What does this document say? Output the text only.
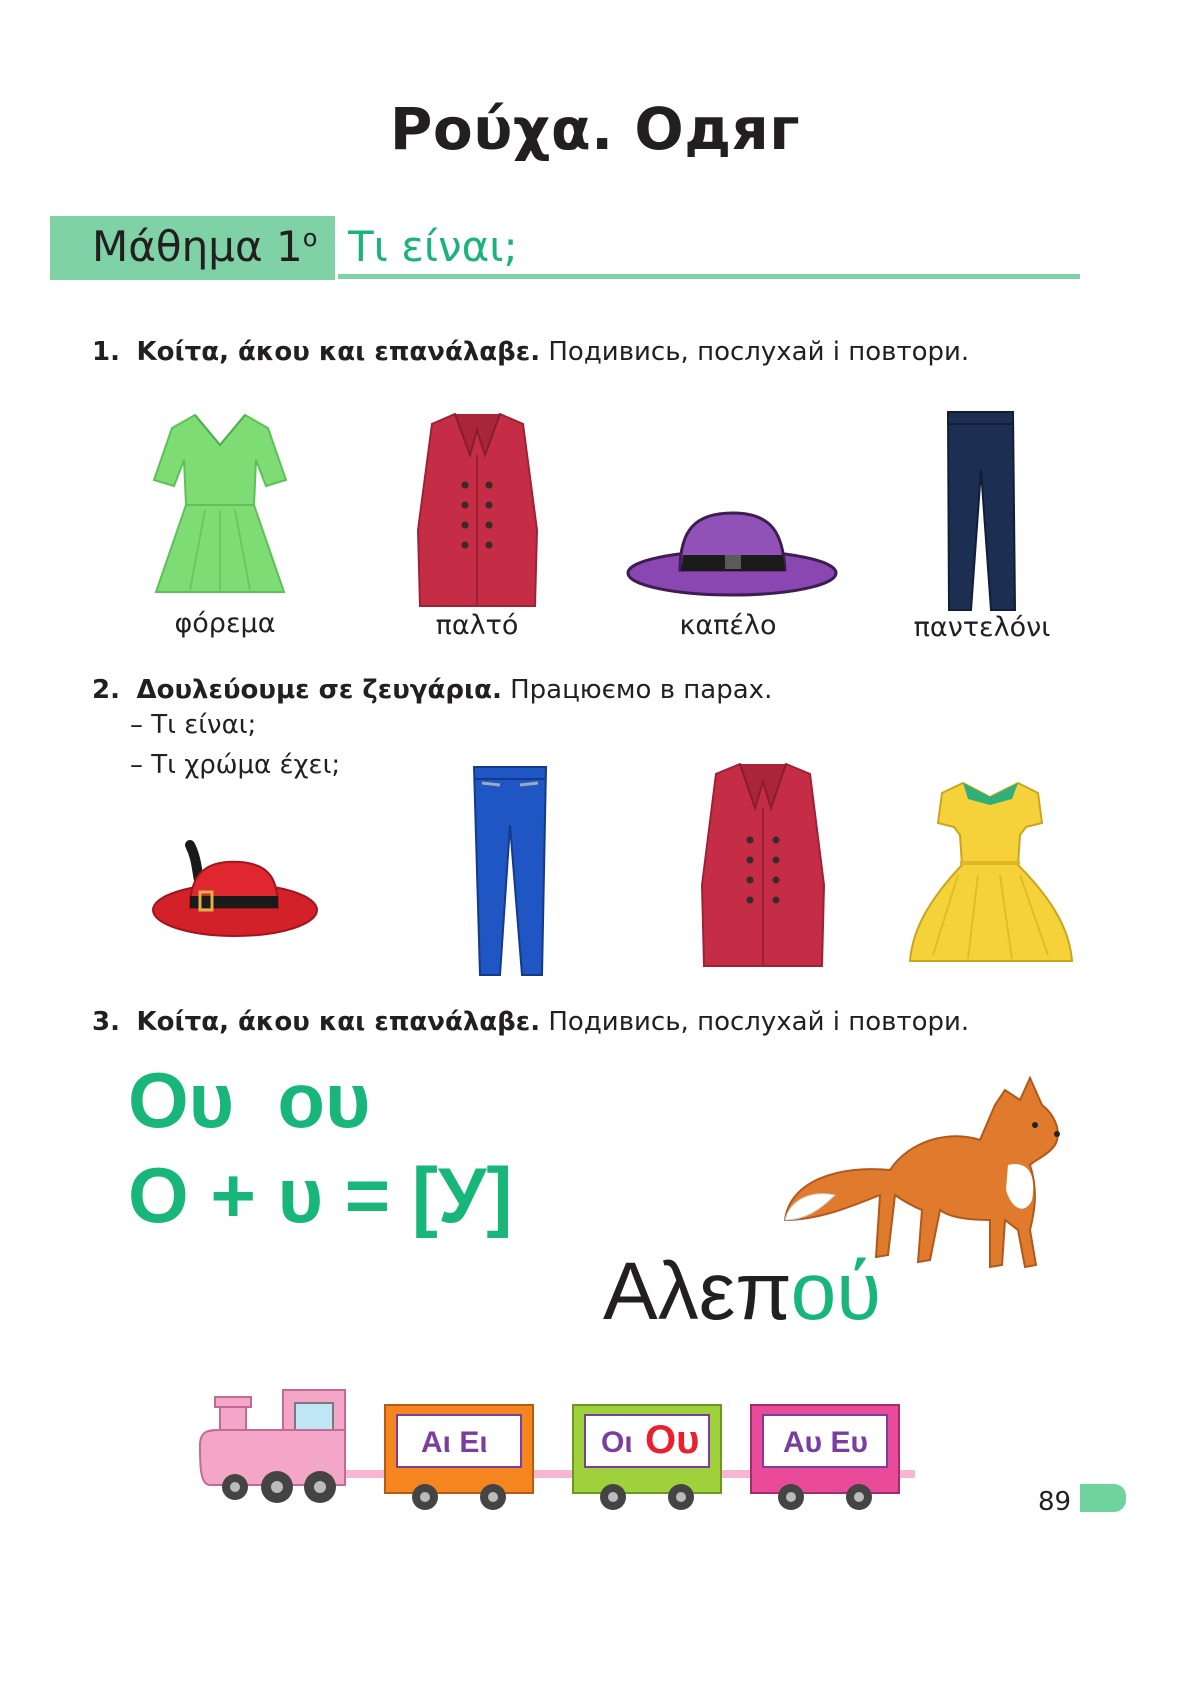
Ρούχα. Одяг
Μάθημα $1^o$ Τι είναι;
1. Κοίτα, άκου και επανάλαβε. Подивись, послухай і повтори.
φόρεμα	παλτό	καπέλο	παντελόνι
2. Δουλεύουμε σε ζευγάρια. Працюємо в парах.
– Τι είναι;
– Τι χρώμα έχει;
3. Κοίτα, άκου και επανάλαβε. Подивись, послухай і повтори.
Ου  ου
Ο + υ = [У]
Αλεπού
Αι Ει	Οι Ου	Αυ Ευ
89
